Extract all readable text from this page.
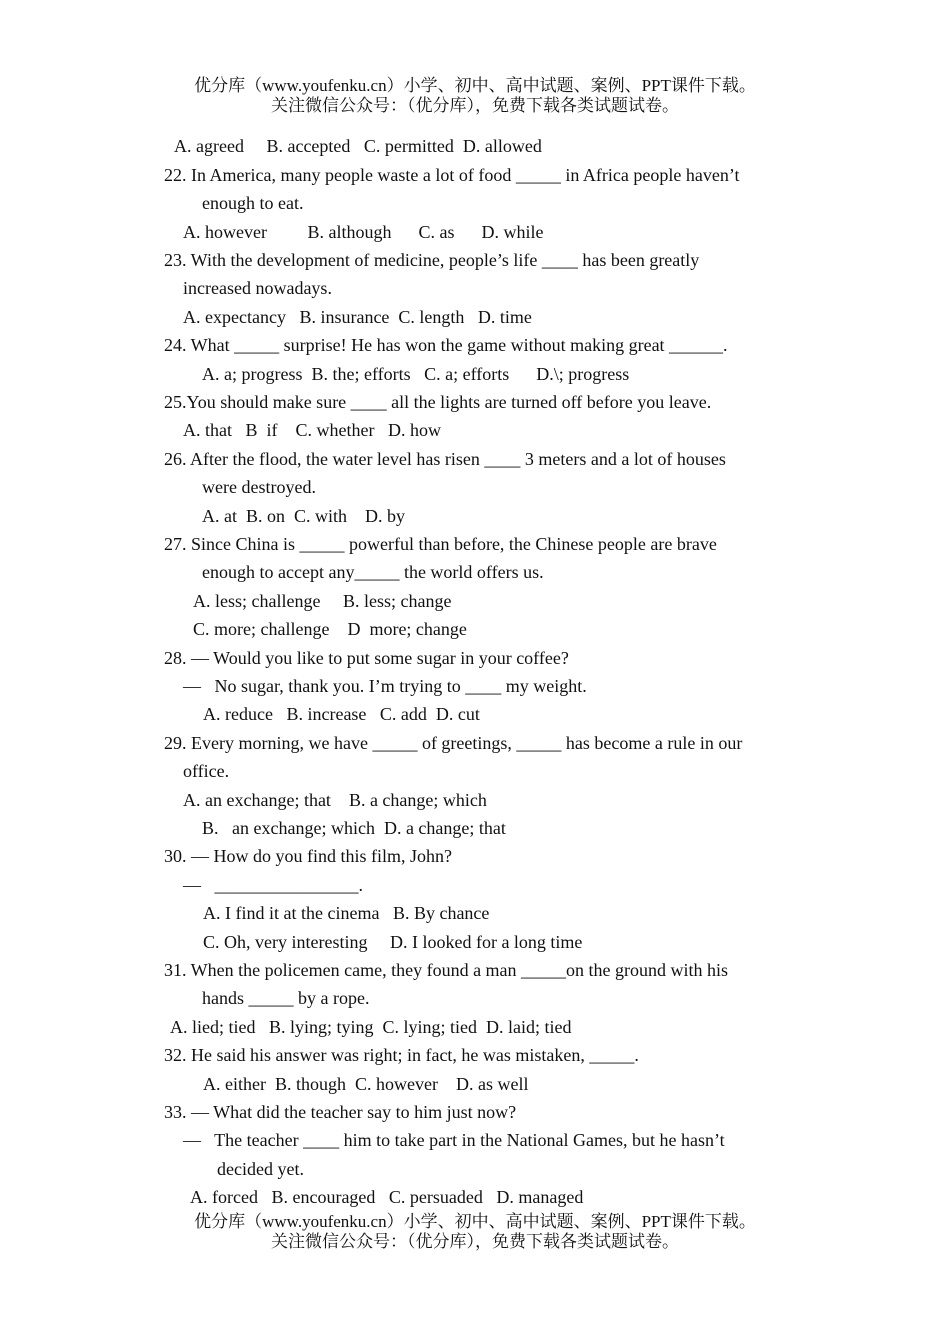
优分库（www.youfenku.cn）小学、初中、高中试题、案例、PPT课件下载。
关注微信公众号：（优分库），免费下载各类试题试卷。
A. agreed     B. accepted   C. permitted  D. allowed
22. In America, many people waste a lot of food _____ in Africa people haven’t
enough to eat.
A. however         B. although      C. as      D. while
23. With the development of medicine, people’s life ____ has been greatly
increased nowadays.
A. expectancy   B. insurance  C. length   D. time
24. What _____ surprise! He has won the game without making great ______.
A. a; progress  B. the; efforts   C. a; efforts      D.\; progress
25.You should make sure ____ all the lights are turned off before you leave.
A. that   B  if    C. whether   D. how
26. After the flood, the water level has risen ____ 3 meters and a lot of houses
were destroyed.
A. at  B. on  C. with    D. by
27. Since China is _____ powerful than before, the Chinese people are brave
enough to accept any_____ the world offers us.
A. less; challenge     B. less; change
C. more; challenge    D  more; change
28. — Would you like to put some sugar in your coffee?
—   No sugar, thank you. I’m trying to ____ my weight.
A. reduce   B. increase   C. add  D. cut
29. Every morning, we have _____ of greetings, _____ has become a rule in our
office.
A. an exchange; that    B. a change; which
B.   an exchange; which  D. a change; that
30. — How do you find this film, John?
—   ________________.
A. I find it at the cinema   B. By chance
C. Oh, very interesting     D. I looked for a long time
31. When the policemen came, they found a man _____on the ground with his
hands _____ by a rope.
A. lied; tied   B. lying; tying  C. lying; tied  D. laid; tied
32. He said his answer was right; in fact, he was mistaken, _____.
A. either  B. though  C. however    D. as well
33. — What did the teacher say to him just now?
—   The teacher ____ him to take part in the National Games, but he hasn’t
decided yet.
A. forced   B. encouraged   C. persuaded   D. managed
优分库（www.youfenku.cn）小学、初中、高中试题、案例、PPT课件下载。
关注微信公众号：（优分库），免费下载各类试题试卷。
